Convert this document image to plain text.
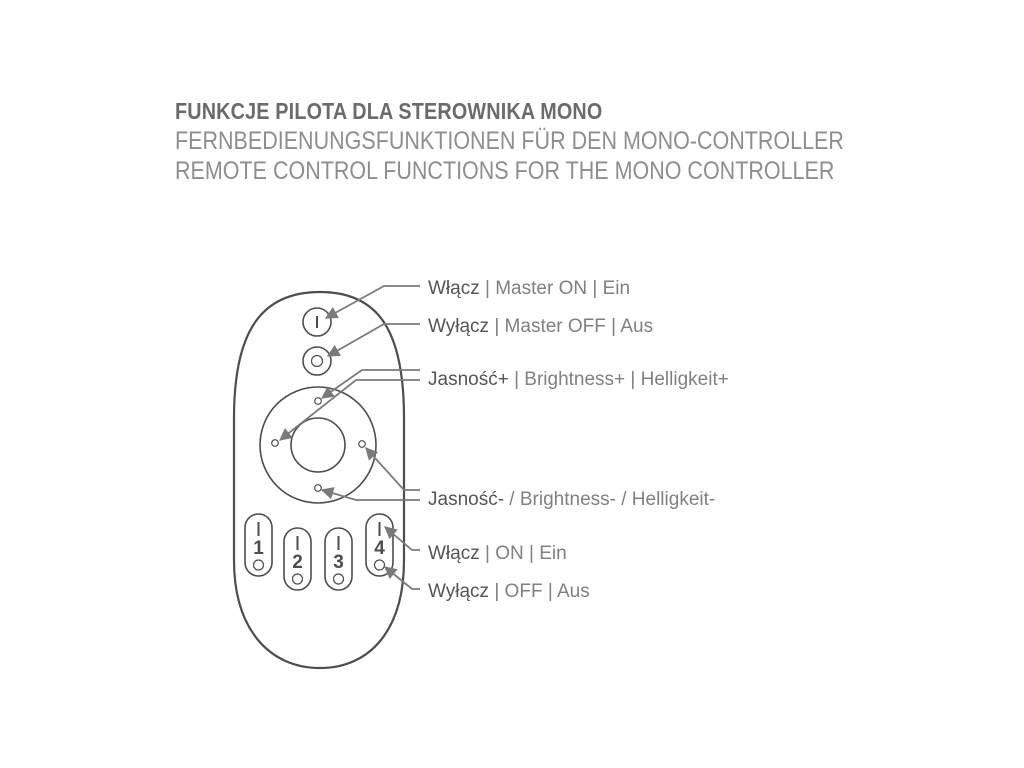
FUNKCJE PILOTA DLA STEROWNIKA MONO
FERNBEDIENUNGSFUNKTIONEN FÜR DEN MONO-CONTROLLER
REMOTE CONTROL FUNCTIONS FOR THE MONO CONTROLLER
1
2 3
4
Włącz | Master ON | Ein
Wyłącz | Master OFF | Aus
Jasność+ | Brightness+ | Helligkeit+
Jasność- / Brightness- / Helligkeit-
Włącz | ON | Ein
Wyłącz | OFF | Aus
